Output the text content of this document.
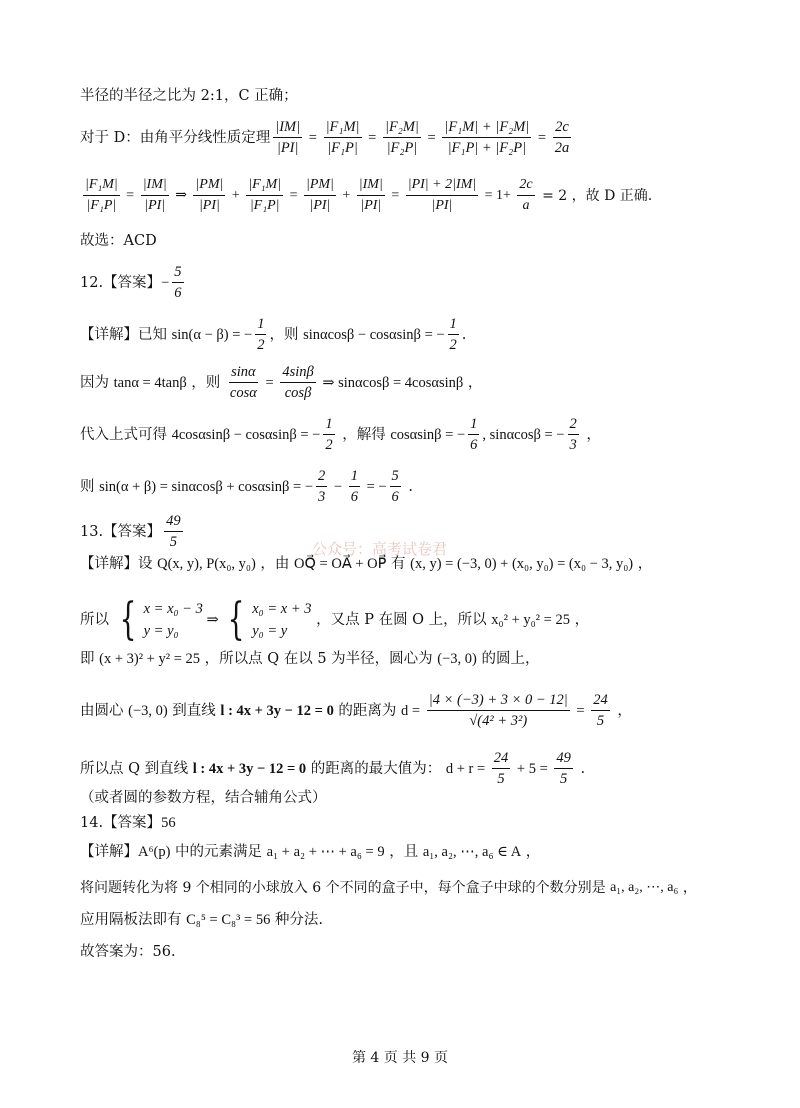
半径的半径之比为 2:1，C 正确；
对于 D：由角平分线性质定理 $\frac{|IM|}{|PI|} = \frac{\text{|F₁M|}}{\text{|F₁P|}} = \frac{\text{|F₂M|}}{\text{|F₂P|}} = \frac{\text{|F₁M| + |F₂M|}}{\text{|F₁P| + |F₂P|}} = \frac{2c}{2a}$
$\frac{\text{|F₁M|}}{\text{|F₁P|}} = \frac{|IM|}{|PI|}$ ⇒ $\frac{|PM|}{|PI|} + \frac{\text{|F₁M|}}{\text{|F₁P|}} = \frac{|PM|}{|PI|} + \frac{|IM|}{|PI|} = \frac{|PI| + 2|IM|}{|PI|} = 1+ \frac{2c}{a} = 2$ ，故 D 正确.
故选：ACD
12.【答案】 − $\frac{5}{6}$
【详解】已知 sin(α − β) = − $\frac{1}{2}$ ，则 sinαcosβ − cosαsinβ = − $\frac{1}{2}$ .
因为 tanα = 4tanβ ，则 $\frac{\sin\alpha}{\cos\alpha} = \frac{4\sin\beta}{\cos\beta}$ ⇒ sinαcosβ = 4cosαsinβ ，
代入上式可得 4cosαsinβ − cosαsinβ = − $\frac{1}{2}$ ，解得 cosαsinβ = − $\frac{1}{6}$ , sinαcosβ = − $\frac{2}{3}$ ，
则 sin(α + β) = sinαcosβ + cosαsinβ = − $\frac{2}{3} - \frac{1}{6}$ = − $\frac{5}{6}$ .
13.【答案】 $\frac{49}{5}$	公众号：高考试卷君
【详解】设 Q(x, y), P(x₀, y₀) ，由 OQ⃗ = OA⃗ + OP⃗ 有 (x, y) = (−3, 0) + (x₀, y₀) = (x₀ − 3, y₀) ，
所以 { x = x₀ − 3
y = y₀
⇒ { x₀ = x + 3
y₀ = y
，又点 P 在圆 O 上，所以 x₀² + y₀² = 25 ，
即 (x + 3)² + y² = 25 ，所以点 Q 在以 5 为半径，圆心为 (−3, 0) 的圆上，
由圆心 (−3, 0) 到直线 l : 4x + 3y − 12 = 0 的距离为 $d = \frac{|4 \times (-3) + 3 \times 0 - 12|}{\text{√(4² + 3²)}} = \frac{24}{5}$ ，
所以点 Q 到直线 l : 4x + 3y − 12 = 0 的距离的最大值为： $d + r = \frac{24}{5} + 5 = \frac{49}{5}$ .
（或者圆的参数方程，结合辅角公式）
14.【答案】 56
【详解】 A⁶(p) 中的元素满足 a₁ + a₂ + ⋯ + a₆ = 9 ，且 a₁, a₂, ⋯, a₆ ∈ A ，
将问题转化为将 9 个相同的小球放入 6 个不同的盒子中，每个盒子中球的个数分别是 a₁, a₂, ⋯, a₆ ，
应用隔板法即有 C₈⁵ = C₈³ = 56 种分法.
故答案为：56.
第 4 页 共 9 页
